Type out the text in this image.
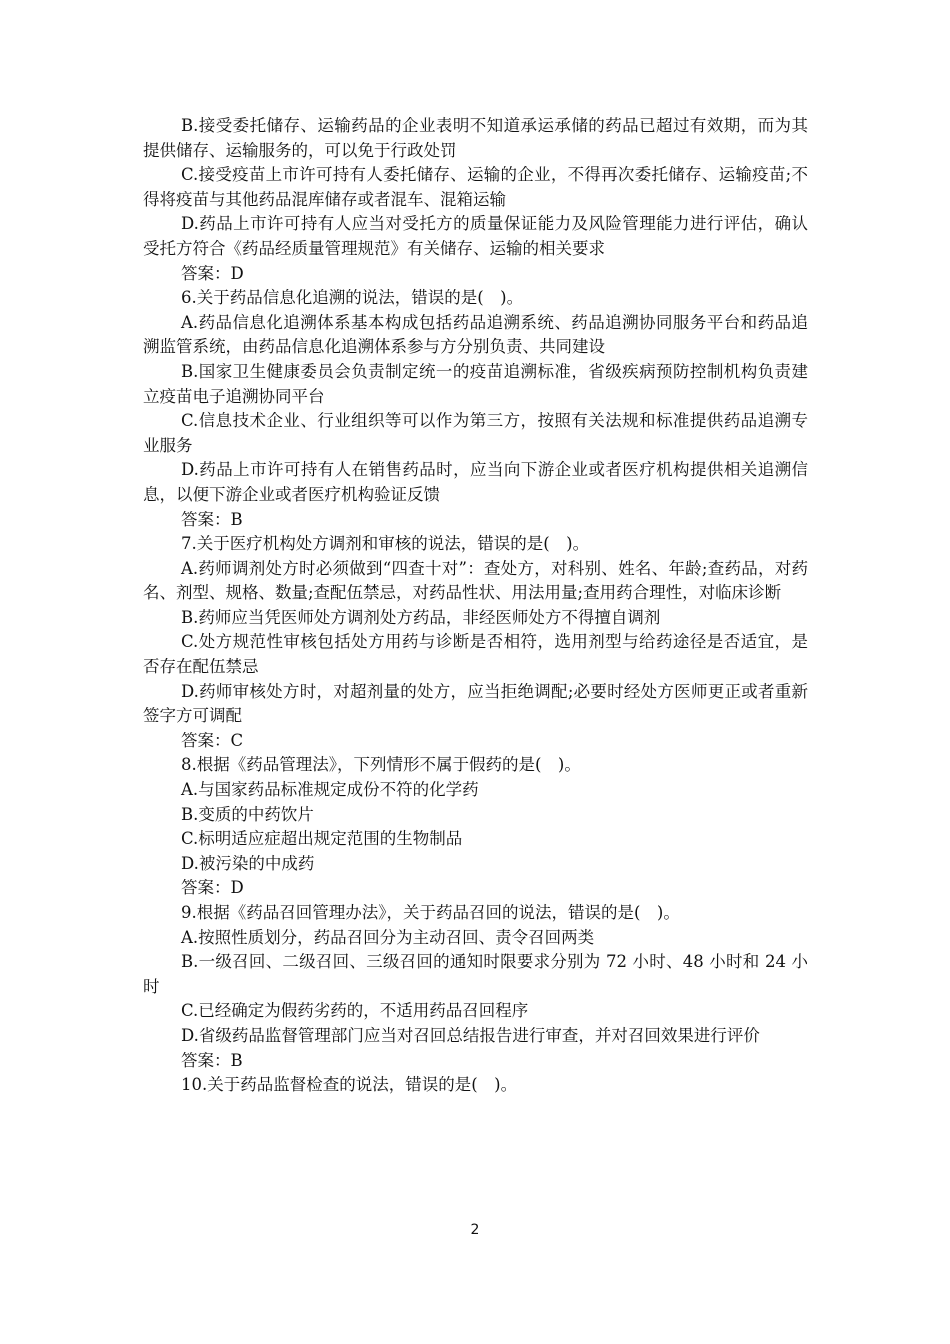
B.接受委托储存、运输药品的企业表明不知道承运承储的药品已超过有效期，而为其提供储存、运输服务的，可以免于行政处罚

C.接受疫苗上市许可持有人委托储存、运输的企业，不得再次委托储存、运输疫苗;不得将疫苗与其他药品混库储存或者混车、混箱运输

D.药品上市许可持有人应当对受托方的质量保证能力及风险管理能力进行评估，确认受托方符合《药品经质量管理规范》有关储存、运输的相关要求

答案：D

6.关于药品信息化追溯的说法，错误的是(　)。

A.药品信息化追溯体系基本构成包括药品追溯系统、药品追溯协同服务平台和药品追溯监管系统，由药品信息化追溯体系参与方分别负责、共同建设

B.国家卫生健康委员会负责制定统一的疫苗追溯标准，省级疾病预防控制机构负责建立疫苗电子追溯协同平台

C.信息技术企业、行业组织等可以作为第三方，按照有关法规和标准提供药品追溯专业服务

D.药品上市许可持有人在销售药品时，应当向下游企业或者医疗机构提供相关追溯信息，以便下游企业或者医疗机构验证反馈

答案：B

7.关于医疗机构处方调剂和审核的说法，错误的是(　)。

A.药师调剂处方时必须做到“四查十对”：查处方，对科别、姓名、年龄;查药品，对药名、剂型、规格、数量;查配伍禁忌，对药品性状、用法用量;查用药合理性，对临床诊断

B.药师应当凭医师处方调剂处方药品，非经医师处方不得擅自调剂

C.处方规范性审核包括处方用药与诊断是否相符，选用剂型与给药途径是否适宜，是否存在配伍禁忌

D.药师审核处方时，对超剂量的处方，应当拒绝调配;必要时经处方医师更正或者重新签字方可调配

答案：C

8.根据《药品管理法》，下列情形不属于假药的是(　)。

A.与国家药品标准规定成份不符的化学药

B.变质的中药饮片

C.标明适应症超出规定范围的生物制品

D.被污染的中成药

答案：D

9.根据《药品召回管理办法》，关于药品召回的说法，错误的是(　)。

A.按照性质划分，药品召回分为主动召回、责令召回两类

B.一级召回、二级召回、三级召回的通知时限要求分别为 72 小时、48 小时和 24 小时

C.已经确定为假药劣药的，不适用药品召回程序

D.省级药品监督管理部门应当对召回总结报告进行审查，并对召回效果进行评价

答案：B

10.关于药品监督检查的说法，错误的是(　)。

2
